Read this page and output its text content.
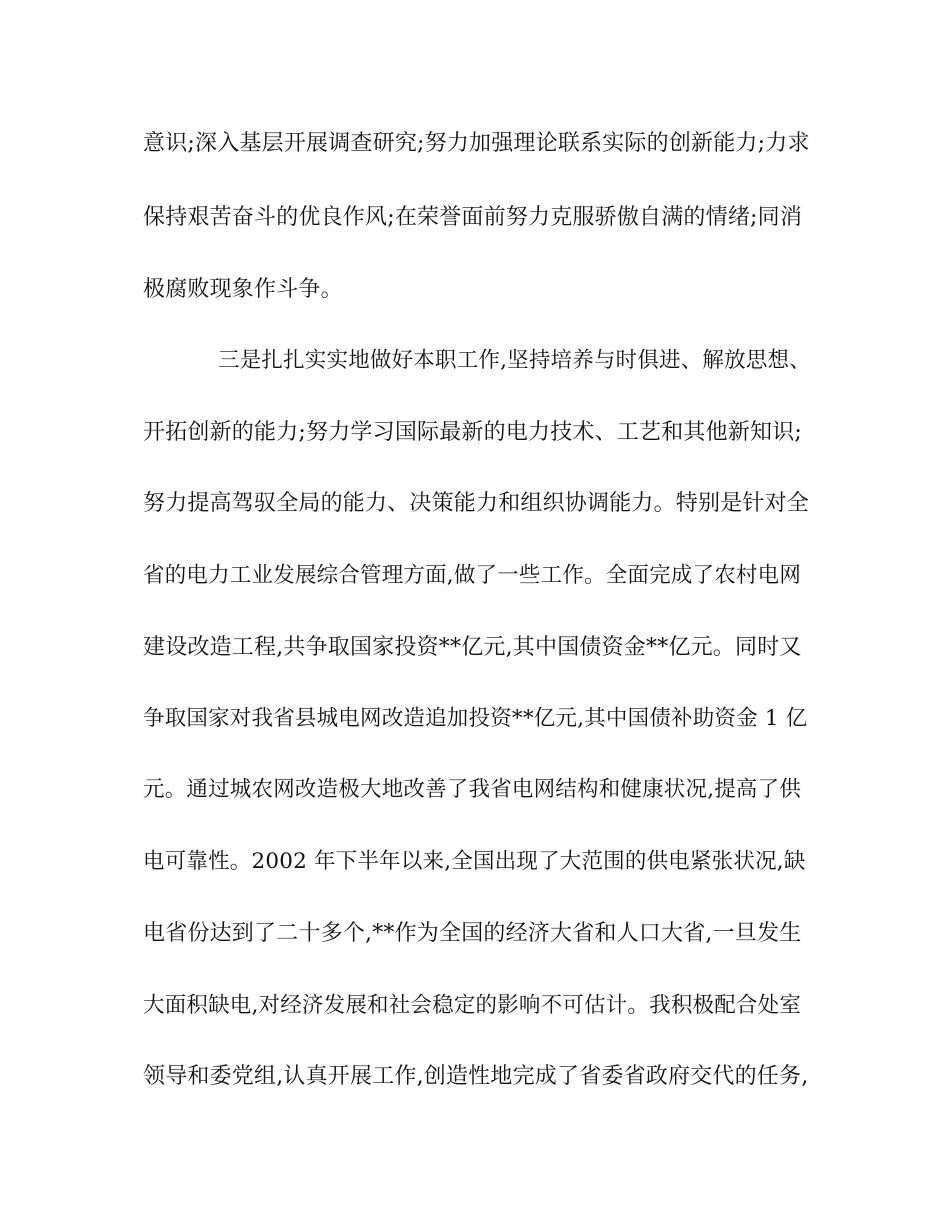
意识;深入基层开展调查研究;努力加强理论联系实际的创新能力;力求
保持艰苦奋斗的优良作风;在荣誉面前努力克服骄傲自满的情绪;同消
极腐败现象作斗争。
三是扎扎实实地做好本职工作,坚持培养与时俱进、解放思想、
开拓创新的能力;努力学习国际最新的电力技术、工艺和其他新知识;
努力提高驾驭全局的能力、决策能力和组织协调能力。特别是针对全
省的电力工业发展综合管理方面,做了一些工作。全面完成了农村电网
建设改造工程,共争取国家投资**亿元,其中国债资金**亿元。同时又
争取国家对我省县城电网改造追加投资**亿元,其中国债补助资金 1 亿
元。通过城农网改造极大地改善了我省电网结构和健康状况,提高了供
电可靠性。2002 年下半年以来,全国出现了大范围的供电紧张状况,缺
电省份达到了二十多个,**作为全国的经济大省和人口大省,一旦发生
大面积缺电,对经济发展和社会稳定的影响不可估计。我积极配合处室
领导和委党组,认真开展工作,创造性地完成了省委省政府交代的任务,
